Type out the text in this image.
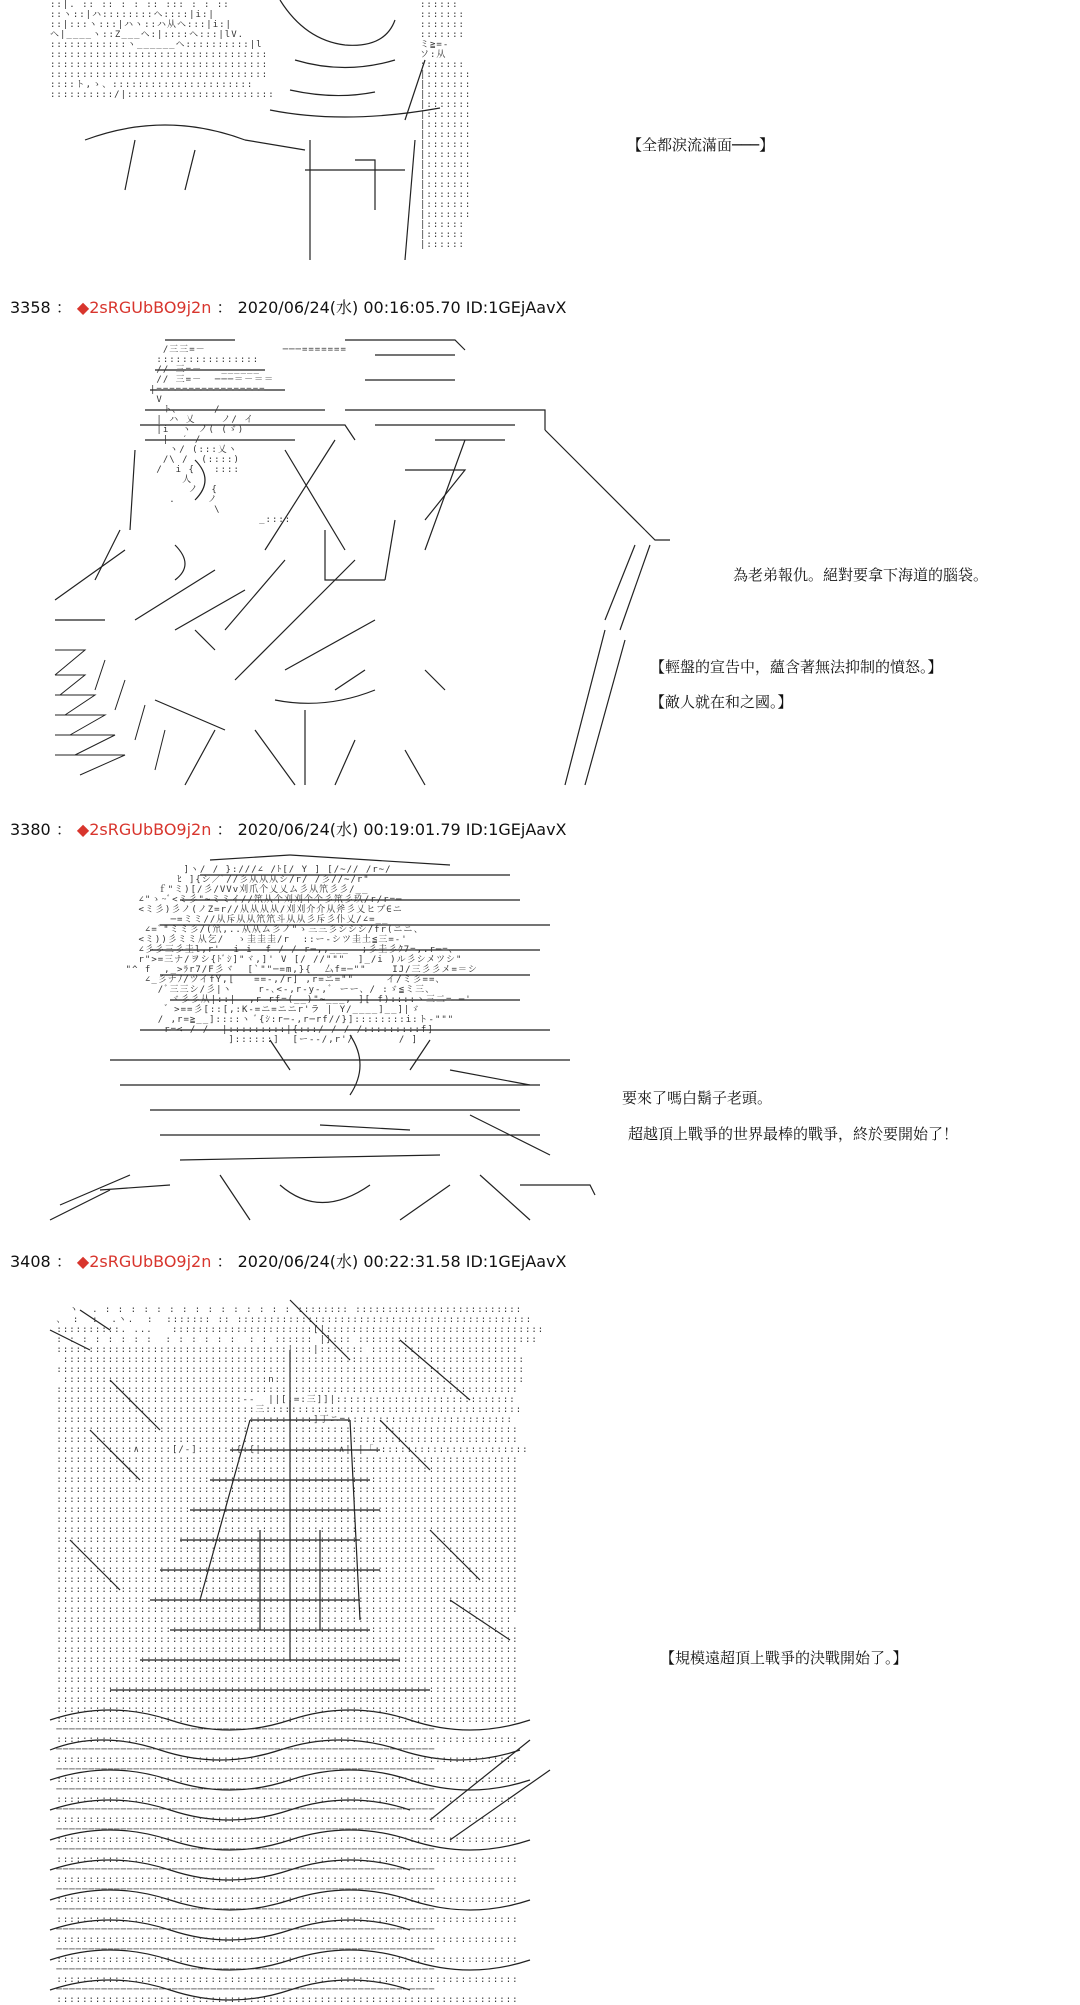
::|. :: :: : : :: ::: : : ::
::ヽ::|ハ::::::::ヘ::::|i:|
::|:::ヽ:::|ハヽ::ハ从ヘ:::|i:|
ヘ|____ヽ::Z___ヘ:|::::ヘ:::|lV.
::::::::::::ヽ______ヘ::::::::::|l
::::::::::::::::::::::::::::::::::
::::::::::::::::::::::::::::::::::
::::::::::::::::::::::::::::::::::
::::ト,ゝ、::::::::::::::::::::::
::::::::::/|:::::::::::::::::::::::
::::::
:::::::
:::::::
:::::::
ミ≧=-
ソ:从
:::::::
|:::::::
|:::::::
|:::::::
|:::::::
|:::::::
|:::::::
|:::::::
|:::::::
|:::::::
|:::::::
|:::::::
|:::::::
|:::::::
|:::::::
|:::::::
|::::::
|::::::
|::::::
【全都淚流滿面───】
3358 ： ◆2sRGUbBO9j2n ： 2020/06/24(水) 00:16:05.70 ID:1GEjAavX
/三三=－            ───=======
::::::::::::::::
// 三=－   ______
// 三=－  ───＝－＝＝
|=================
V
ト、     /
| ハ 乂    ノ/ イ
|i  ヽ ノ( (ゞ)
|  ′ /
ヽ/ (:::乂ヽ
/\ /  (::::)
/  i {   ::::
人
ノ  {
.     ノ
\
_::::
為老弟報仇。絕對要拿下海道的腦袋。
【輕盤的宣告中，蘊含著無法抑制的憤怒。】
【敵人就在和之國。】
3380 ： ◆2sRGUbBO9j2n ： 2020/06/24(水) 00:19:01.79 ID:1GEjAavX
]ヽ/ / }:///∠ /ﾄ[/ Y ] [/~// /r~/
ﾋ ]{シ／ﾞ//彡从从从シ/r/ /彡//~/r"
ｆ"ミ)[/彡/VVv刈爪个乂乂ム彡从笊彡彡/__
∠"ゝ~ﾞ<ミ彡"~ミミイ//笊从个刈刈个个彡笊彡玖/r/r=─
<ミ彡)彡ノ(ノZ=r//从从从从/刈刈介介从斧彡乂ヒブ∈ニ
─=ミミ//从斥从从笊笊斗从从彡斥彡仆乂/∠=__
∠=ﾞ"ミミ彡/(笊,..从从ム彡ノ"ゝ三三彡シシシ/fr(ニニ、
<ミ))彡ミミ从乞/  ゝ圭圭圭/r  ::ー-シツ圭土≦三=-'
∠彡彡三彡圭l,r'  i i  f / / r─,,___  ;彡圭彡ｸ7=,.r─=、
r">=三ナ/ヲシ{ﾄﾞｼ]"ヾ,]' V [/ //"""  ]_/i )ル彡シメツシ"
"^ f  ,_>ﾗr7/F彡ヾ  [`""─=m,}{  厶f=─""    IJ/三彡彡メ=＝シ
∠_彡ナﾉ/ツイfY,[   ==-,/r] ,r=ニ=""     イ/ミ彡==、
/ﾞ三三シ/彡|ヽ    r-､<-,r-y-,ﾞ ーー、/ :ゞ≦ミ三、
ゞ彡彡从|::|  ,r rf=(__)"~___, ][ f)::::ヽ三二=-─'
゛>==彡[::[,:K-=ニ=ニニr'ラ | Y/____]__]|ゞ
/ ,r=≧__]::::ヽ ﾞ{ｼ:r─-,r─rf//}]::::::::i:ト-"""
r=< / /  |:::::::::|{:::/ / / /:::::::::f]
]::::::]  [ー--/,r'/       / ]
要來了嗎白鬍子老頭。
超越頂上戰爭的世界最棒的戰爭，終於要開始了！
3408 ： ◆2sRGUbBO9j2n ： 2020/06/24(水) 00:22:31.58 ID:1GEjAavX
ヽ  . : : : : : : : : : : : : : : : :::::::: ::::::::::::::::::::::::::
、 :  :  .ヽ.  :  ::::::: :: ::::::::::::::::::::::::::::::::::::::::::::::
::::::::::. ...   ::::::::::::::::::::::[|::::::::::::::::::::::::::::::::::
: : : : : : : :  : : : : : :  : : :::::: |}::: ::::::::::::::::::::::::::::
::::::::::::::::::::::::::::::::::::|:::|::::::: :::::::::::::::::::::::
::::::::::::::::::::::::::::::::::::::::::::::::::::::::::::::::::::::::
:::::::::::::::::::::::::::::::::::::::::::::::::::::::::::::::::::::::::
::::::::::::::::::::::::::::::::n:::::::::::::::::::::::::::::::::::::::
::::::::::::::::::::::::::::::::::::::::::::::::::::::::::::::::::::::::
:::::::::::::::::::::::::::::--  ||[:=:三]]|::::::::::::::::::::::::::::
:::::::::::::::::::::::::::::::三::::::::::::::::::::::::::::::::::::::::
::::::::::::::::::::::::::::::::::::::::]丁ニ=::::::::::::::::::::::::::
::::::::::::::::::::::::::::::::::::::::::::::::::::::::::::::::::::::::
::::::::::::::::::::::::::::::::::::::::::::::::::::::::::::::::::::::::
::::::::::::∧:::::[/-]::::::{:{|::::::::::::∧|-|「::::::::::::::::::::::::
::::::::::::::::::::::::::::::::::::::::::::::::::::::::::::::::::::::::
::::::::::::::::::::::::::::::::::::::::::::::::::::::::::::::::::::::::
::::::::::::::::::::::::::::::::::::::::::::::::::::::::::::::::::::::::
::::::::::::::::::::::::::::::::::::::::::::::::::::::::::::::::::::::::
::::::::::::::::::::::::::::::::::::::::::::::::::::::::::::::::::::::::
::::::::::::::::::::::::::::::::::::::::::::::::::::::::::::::::::::::::
::::::::::::::::::::::::::::::::::::::::::::::::::::::::::::::::::::::::
::::::::::::::::::::::::::::::::::::::::::::::::::::::::::::::::::::::::
::::::::::::::::::::::::::::::::::::::::::::::::::::::::::::::::::::::::
::::::::::::::::::::::::::::::::::::::::::::::::::::::::::::::::::::::::
::::::::::::::::::::::::::::::::::::::::::::::::::::::::::::::::::::::::
::::::::::::::::::::::::::::::::::::::::::::::::::::::::::::::::::::::::
::::::::::::::::::::::::::::::::::::::::::::::::::::::::::::::::::::::::
::::::::::::::::::::::::::::::::::::::::::::::::::::::::::::::::::::::::
::::::::::::::::::::::::::::::::::::::::::::::::::::::::::::::::::::::::
::::::::::::::::::::::::::::::::::::::::::::::::::::::::::::::::::::::::
:::::::::::::::::::::::::::::::::::::::::::::::::::::::::::::::::::::::
::::::::::::::::::::::::::::::::::::::::::::::::::::::::::::::::::::::::
::::::::::::::::::::::::::::::::::::::::::::::::::::::::::::::::::::::::
::::::::::::::::::::::::::::::::::::::::::::::::::::::::::::::::::::::::
::::::::::::::::::::::::::::::::::::::::::::::::::::::::::::::::::::::::
::::::::::::::::::::::::::::::::::::::::::::::::::::::::::::::::::::::::
::::::::::::::::::::::::::::::::::::::::::::::::::::::::::::::::::::::::
::::::::::::::::::::::::::::::::::::::::::::::::::::::::::::::::::::::::
::::::::::::::::::::::::::::::::::::::::::::::::::::::::::::::::::::::::
::::::::::::::::::::::::::::::::::::::::::::::::::::::::::::::::::::::::
::::::::::::::::::::::::::::::::::::::::::::::::::::::::::::::::::::::::
───────────────────────────────────────────────────────────
::::::::::::::::::::::::::::::::::::::::::::::::::::::::::::::::::::::::
───────────────────────────────────────────────────────────
::::::::::::::::::::::::::::::::::::::::::::::::::::::::::::::::::::::::
───────────────────────────────────────────────────────────
::::::::::::::::::::::::::::::::::::::::::::::::::::::::::::::::::::::::
───────────────────────────────────────────────────────────
::::::::::::::::::::::::::::::::::::::::::::::::::::::::::::::::::::::::
───────────────────────────────────────────────────────────
::::::::::::::::::::::::::::::::::::::::::::::::::::::::::::::::::::::::
───────────────────────────────────────────────────────────
::::::::::::::::::::::::::::::::::::::::::::::::::::::::::::::::::::::::
───────────────────────────────────────────────────────────
::::::::::::::::::::::::::::::::::::::::::::::::::::::::::::::::::::::::
───────────────────────────────────────────────────────────
::::::::::::::::::::::::::::::::::::::::::::::::::::::::::::::::::::::::
───────────────────────────────────────────────────────────
::::::::::::::::::::::::::::::::::::::::::::::::::::::::::::::::::::::::
───────────────────────────────────────────────────────────
::::::::::::::::::::::::::::::::::::::::::::::::::::::::::::::::::::::::
───────────────────────────────────────────────────────────
::::::::::::::::::::::::::::::::::::::::::::::::::::::::::::::::::::::::
───────────────────────────────────────────────────────────
::::::::::::::::::::::::::::::::::::::::::::::::::::::::::::::::::::::::
───────────────────────────────────────────────────────────
::::::::::::::::::::::::::::::::::::::::::::::::::::::::::::::::::::::::
───────────────────────────────────────────────────────────
::::::::::::::::::::::::::::::::::::::::::::::::::::::::::::::::::::::::
【規模遠超頂上戰爭的決戰開始了。】
